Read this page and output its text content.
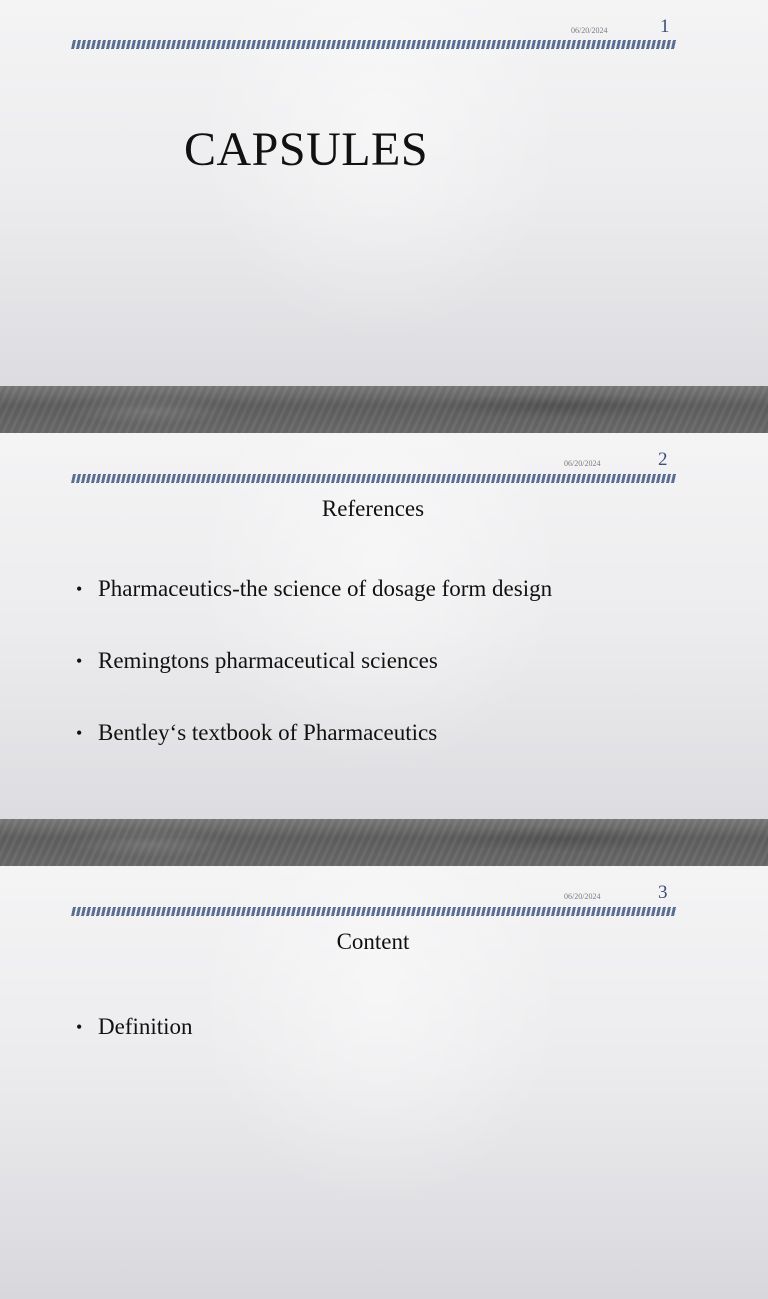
06/20/2024	1
CAPSULES
06/20/2024	2
References
• Pharmaceutics-the science of dosage form design
• Remingtons pharmaceutical sciences
• Bentley‘s textbook of Pharmaceutics
06/20/2024	3
Content
• Definition
